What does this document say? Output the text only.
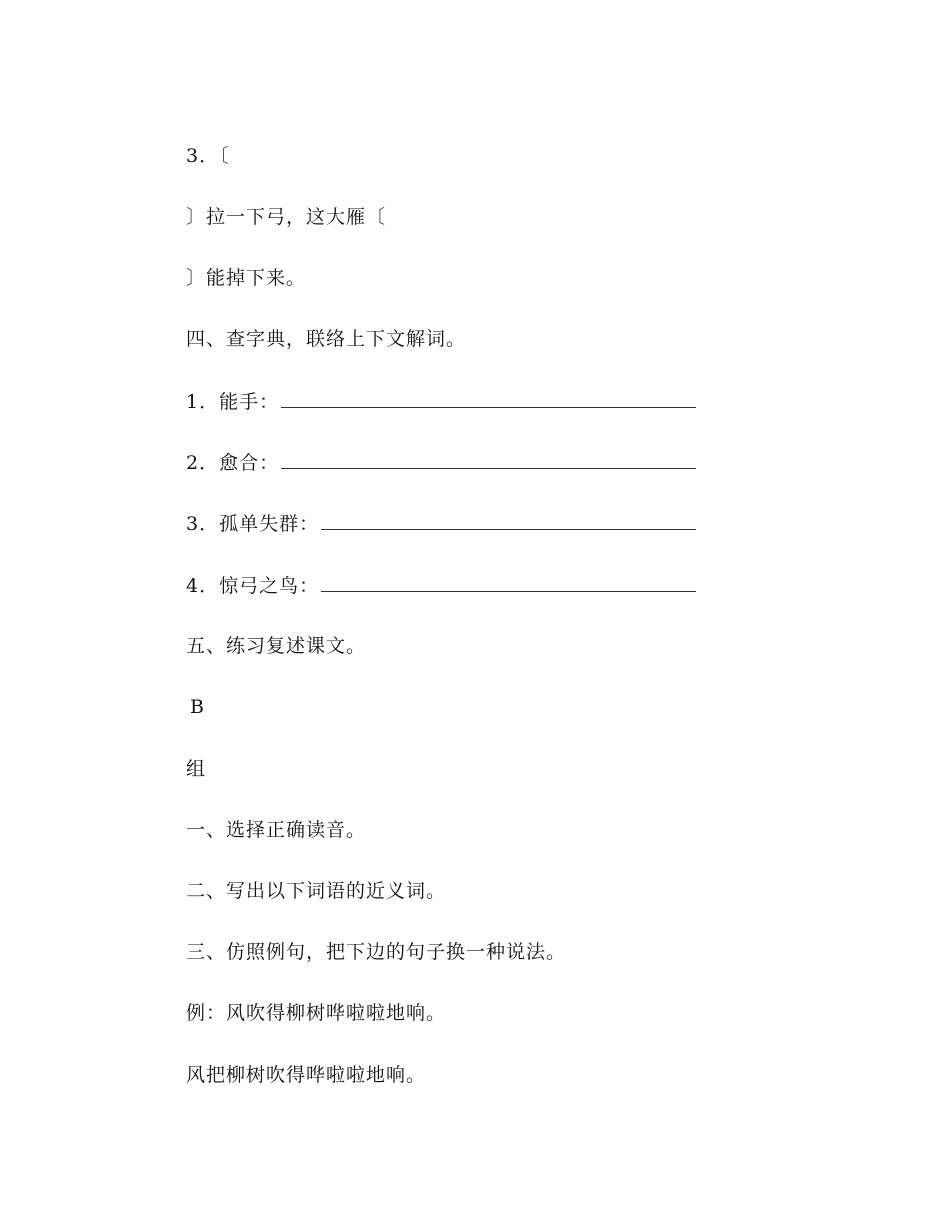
3．〔
〕拉一下弓，这大雁〔
〕能掉下来。
四、查字典，联络上下文解词。
1．能手：
2．愈合：
3．孤单失群：
4．惊弓之鸟：
五、练习复述课文。
B
组
一、选择正确读音。
二、写出以下词语的近义词。
三、仿照例句，把下边的句子换一种说法。
例：风吹得柳树哗啦啦地响。
风把柳树吹得哗啦啦地响。
